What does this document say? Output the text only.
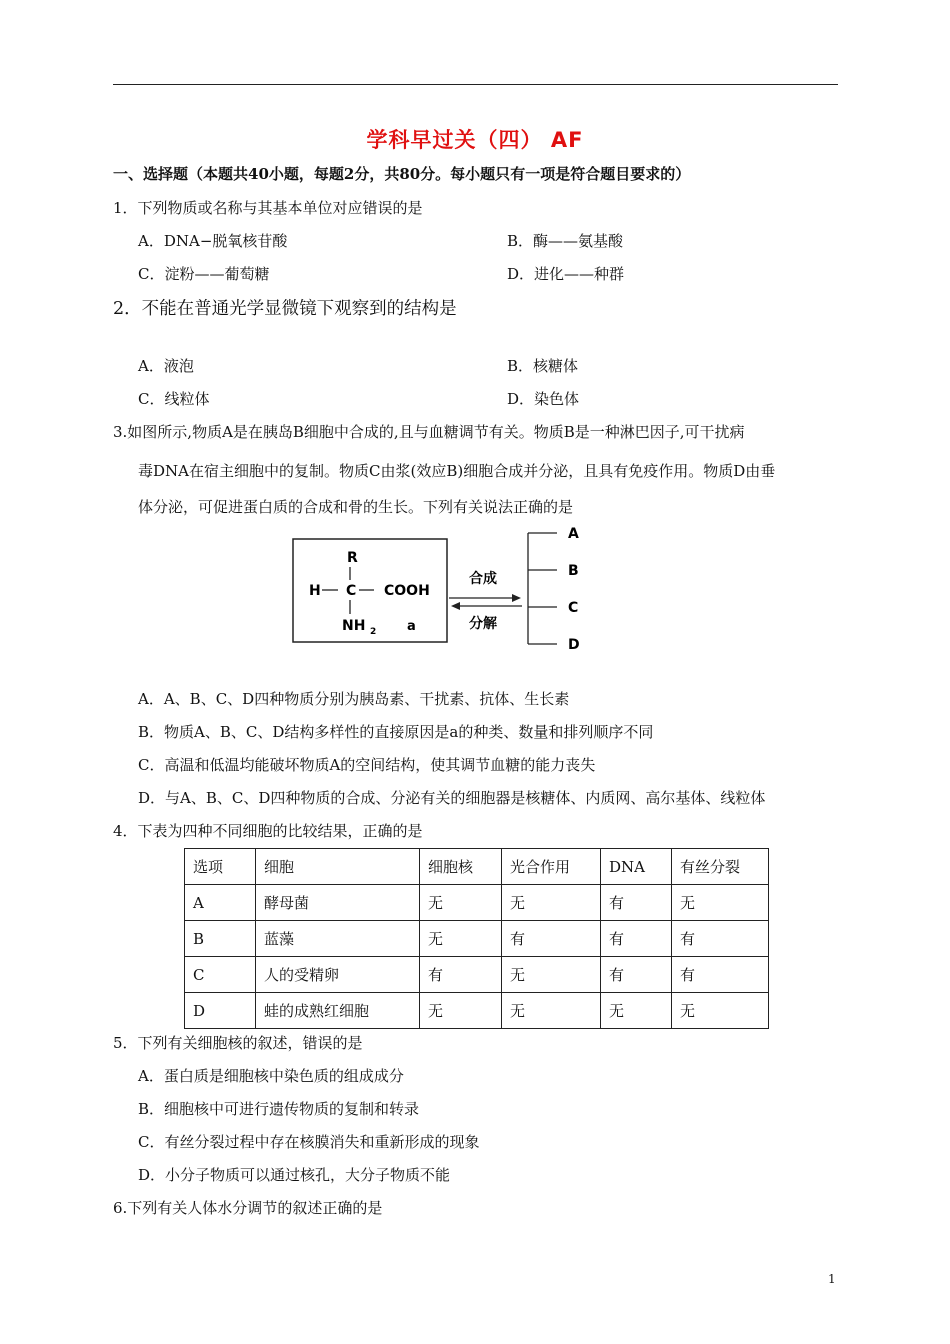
学科早过关（四） AF
一、选择题（本题共40小题，每题2分，共80分。每小题只有一项是符合题目要求的）
1．下列物质或名称与其基本单位对应错误的是
A．DNA−脱氧核苷酸	B．酶——氨基酸
C．淀粉——葡萄糖	D．进化——种群
2．不能在普通光学显微镜下观察到的结构是
A．液泡	B．核糖体
C．线粒体	D．染色体
3.如图所示,物质A是在胰岛B细胞中合成的,且与血糖调节有关。物质B是一种淋巴因子,可干扰病
毒DNA在宿主细胞中的复制。物质C由浆(效应B)细胞合成并分泌，且具有免疫作用。物质D由垂
体分泌，可促进蛋白质的合成和骨的生长。下列有关说法正确的是
R
H C COOH
NH 2 a
合成
分解
A
B
C
D
A．A、B、C、D四种物质分别为胰岛素、干扰素、抗体、生长素
B．物质A、B、C、D结构多样性的直接原因是a的种类、数量和排列顺序不同
C．高温和低温均能破坏物质A的空间结构，使其调节血糖的能力丧失
D．与A、B、C、D四种物质的合成、分泌有关的细胞器是核糖体、内质网、高尔基体、线粒体
4．下表为四种不同细胞的比较结果，正确的是
选项	细胞	细胞核	光合作用	DNA	有丝分裂
A	酵母菌	无	无	有	无
B	蓝藻	无	有	有	有
C	人的受精卵	有	无	有	有
D	蛙的成熟红细胞	无	无	无	无
5．下列有关细胞核的叙述，错误的是
A．蛋白质是细胞核中染色质的组成成分
B．细胞核中可进行遗传物质的复制和转录
C．有丝分裂过程中存在核膜消失和重新形成的现象
D．小分子物质可以通过核孔，大分子物质不能
6.下列有关人体水分调节的叙述正确的是
1
